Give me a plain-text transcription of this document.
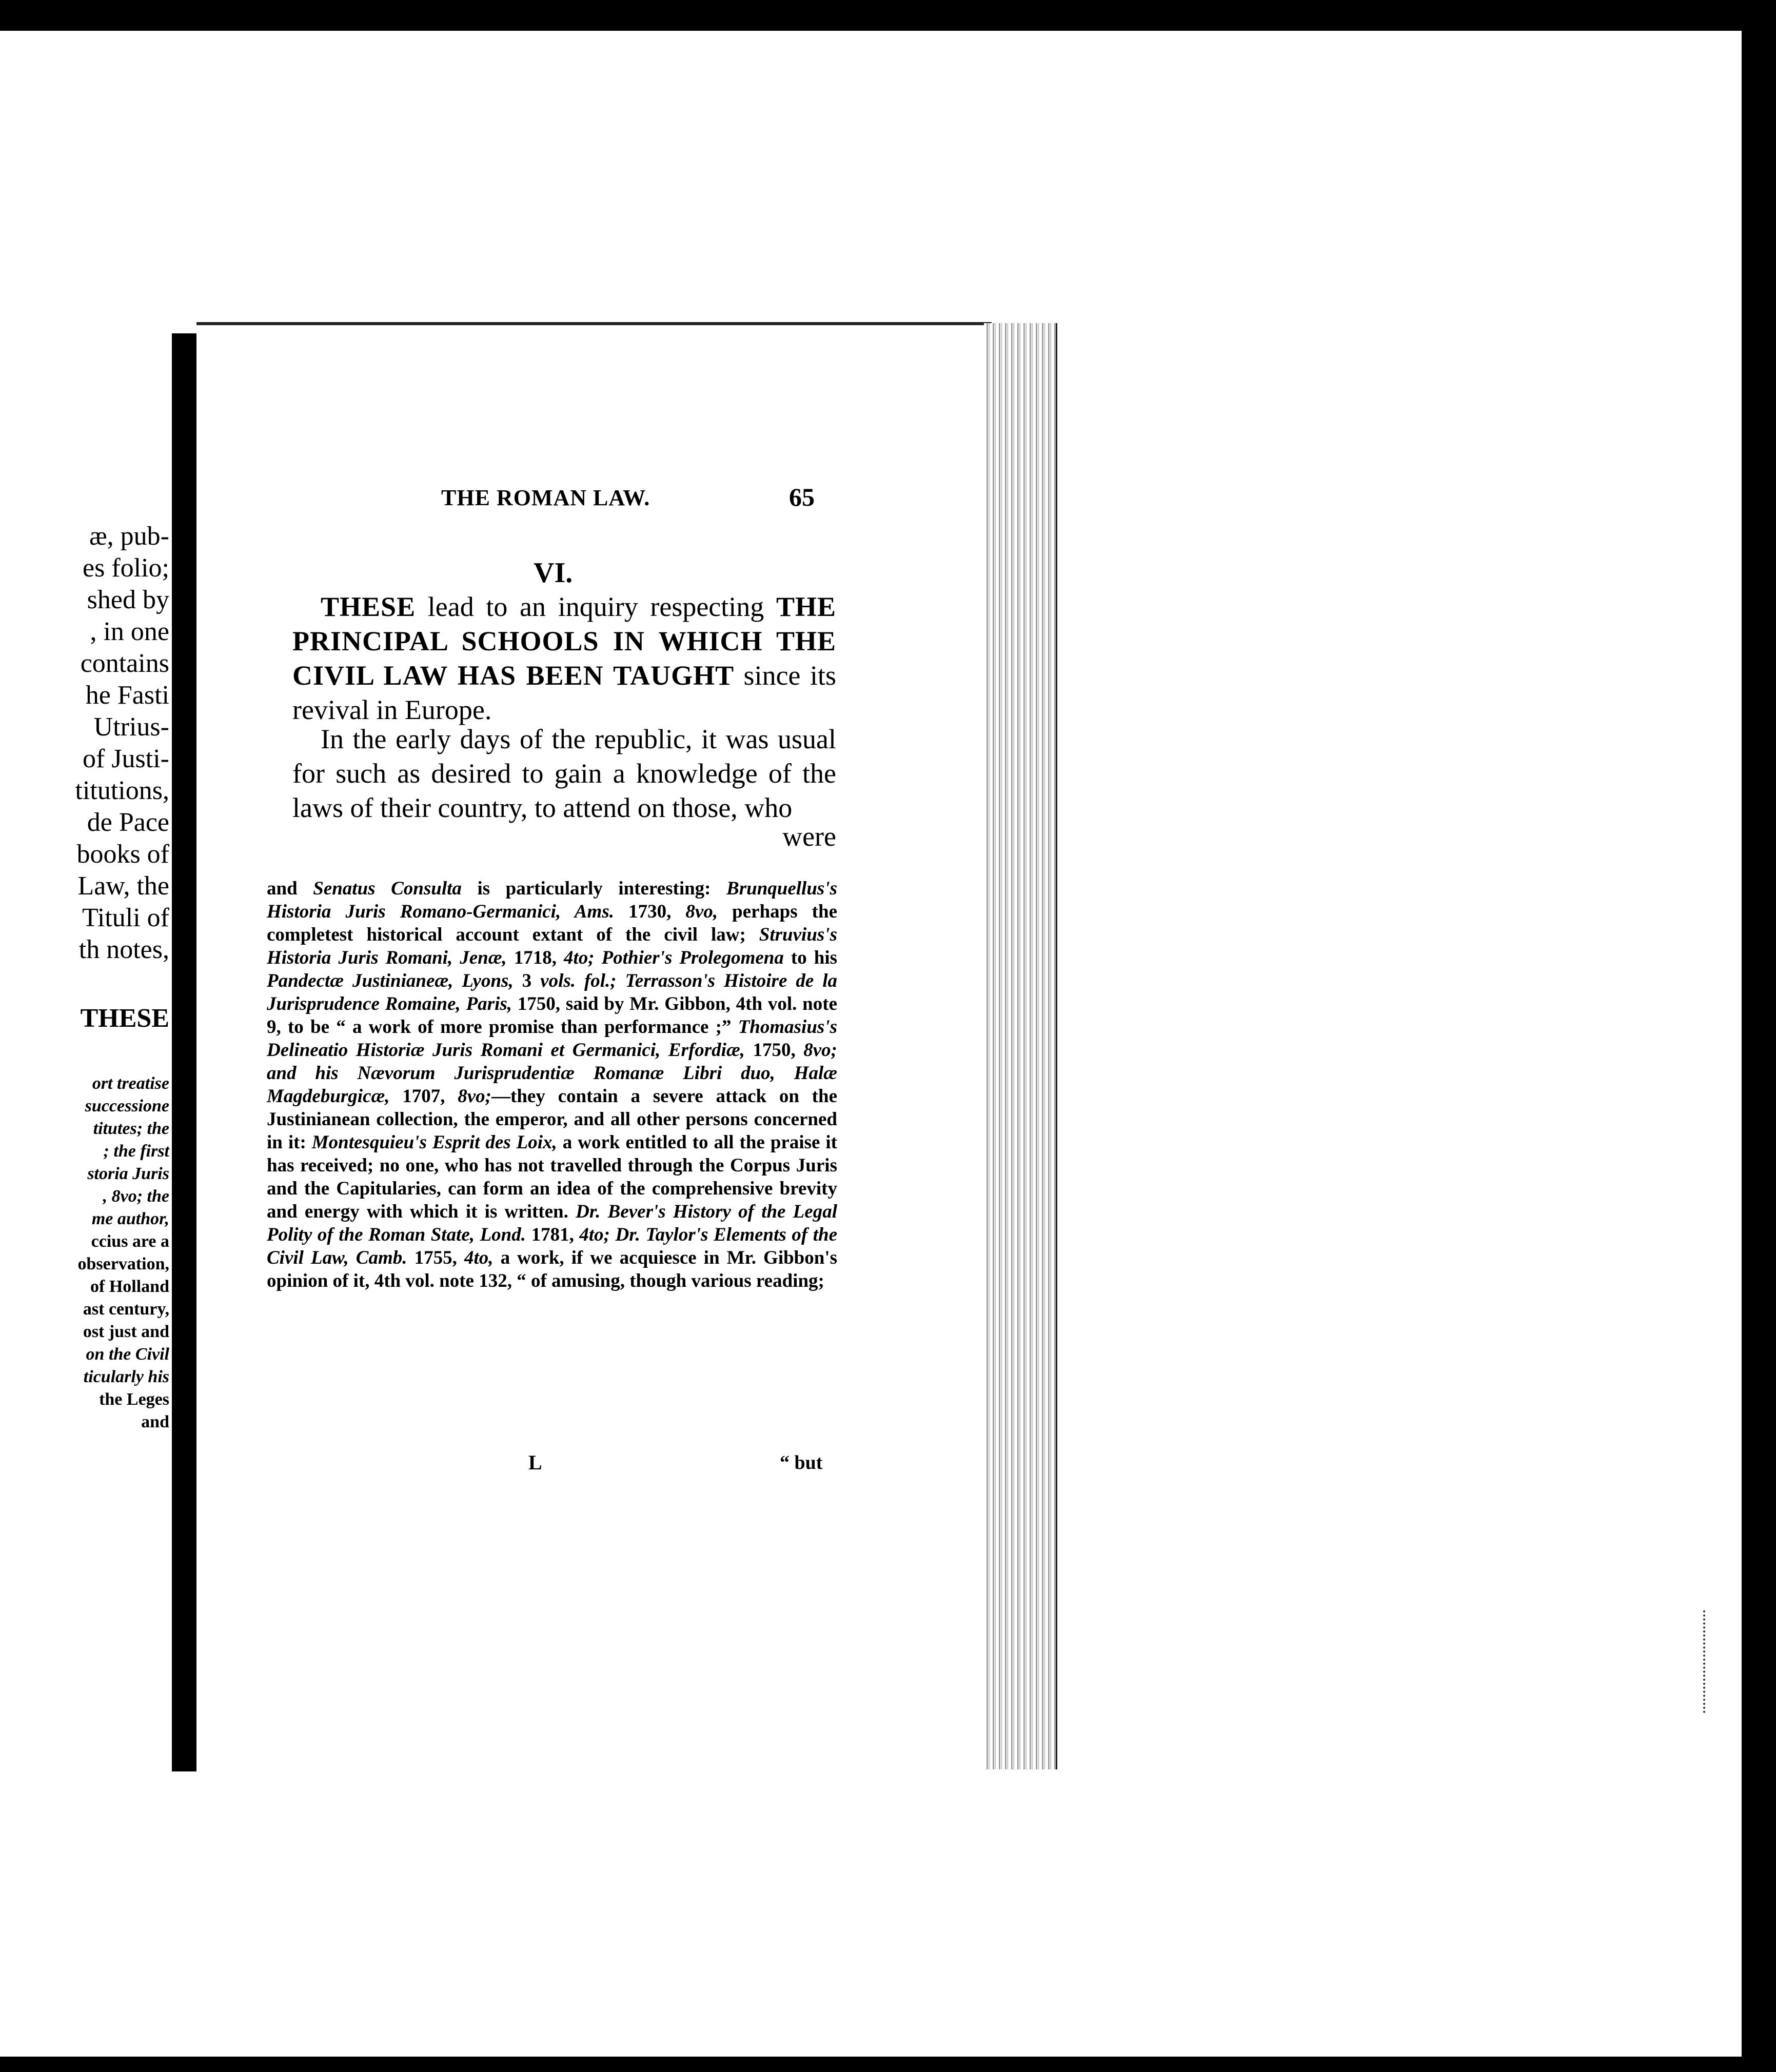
æ, pub-
es folio;
shed by
, in one
contains
he Fasti
Utrius-
of Justi-
titutions,
de Pace
books of
Law, the
Tituli of
th notes,
THESE
ort treatise
successione
titutes; the
; the first
storia Juris
, 8vo; the
me author,
ccius are a
observation,
of Holland
ast century,
ost just and
on the Civil
ticularly his
the Leges
and
THE ROMAN LAW.	65
VI.
THESE lead to an inquiry respecting THE PRINCIPAL SCHOOLS IN WHICH THE CIVIL LAW HAS BEEN TAUGHT since its revival in Europe.
In the early days of the republic, it was usual for such as desired to gain a knowledge of the laws of their country, to attend on those, who
were
and Senatus Consulta is particularly interesting: Brunquellus's Historia Juris Romano-Germanici, Ams. 1730, 8vo, perhaps the completest historical account extant of the civil law; Struvius's Historia Juris Romani, Jenæ, 1718, 4to; Pothier's Prolegomena to his Pandectæ Justinianeæ, Lyons, 3 vols. fol.; Terrasson's Histoire de la Jurisprudence Romaine, Paris, 1750, said by Mr. Gibbon, 4th vol. note 9, to be “ a work of more promise than performance ;” Thomasius's Delineatio Historiæ Juris Romani et Germanici, Erfordiæ, 1750, 8vo; and his Nævorum Jurisprudentiæ Romanæ Libri duo, Halæ Magdeburgicæ, 1707, 8vo;—they contain a severe attack on the Justinianean collection, the emperor, and all other persons concerned in it: Montesquieu's Esprit des Loix, a work entitled to all the praise it has received; no one, who has not travelled through the Corpus Juris and the Capitularies, can form an idea of the comprehensive brevity and energy with which it is written. Dr. Bever's History of the Legal Polity of the Roman State, Lond. 1781, 4to; Dr. Taylor's Elements of the Civil Law, Camb. 1755, 4to, a work, if we acquiesce in Mr. Gibbon's opinion of it, 4th vol. note 132, “ of amusing, though various reading;
L	“ but
